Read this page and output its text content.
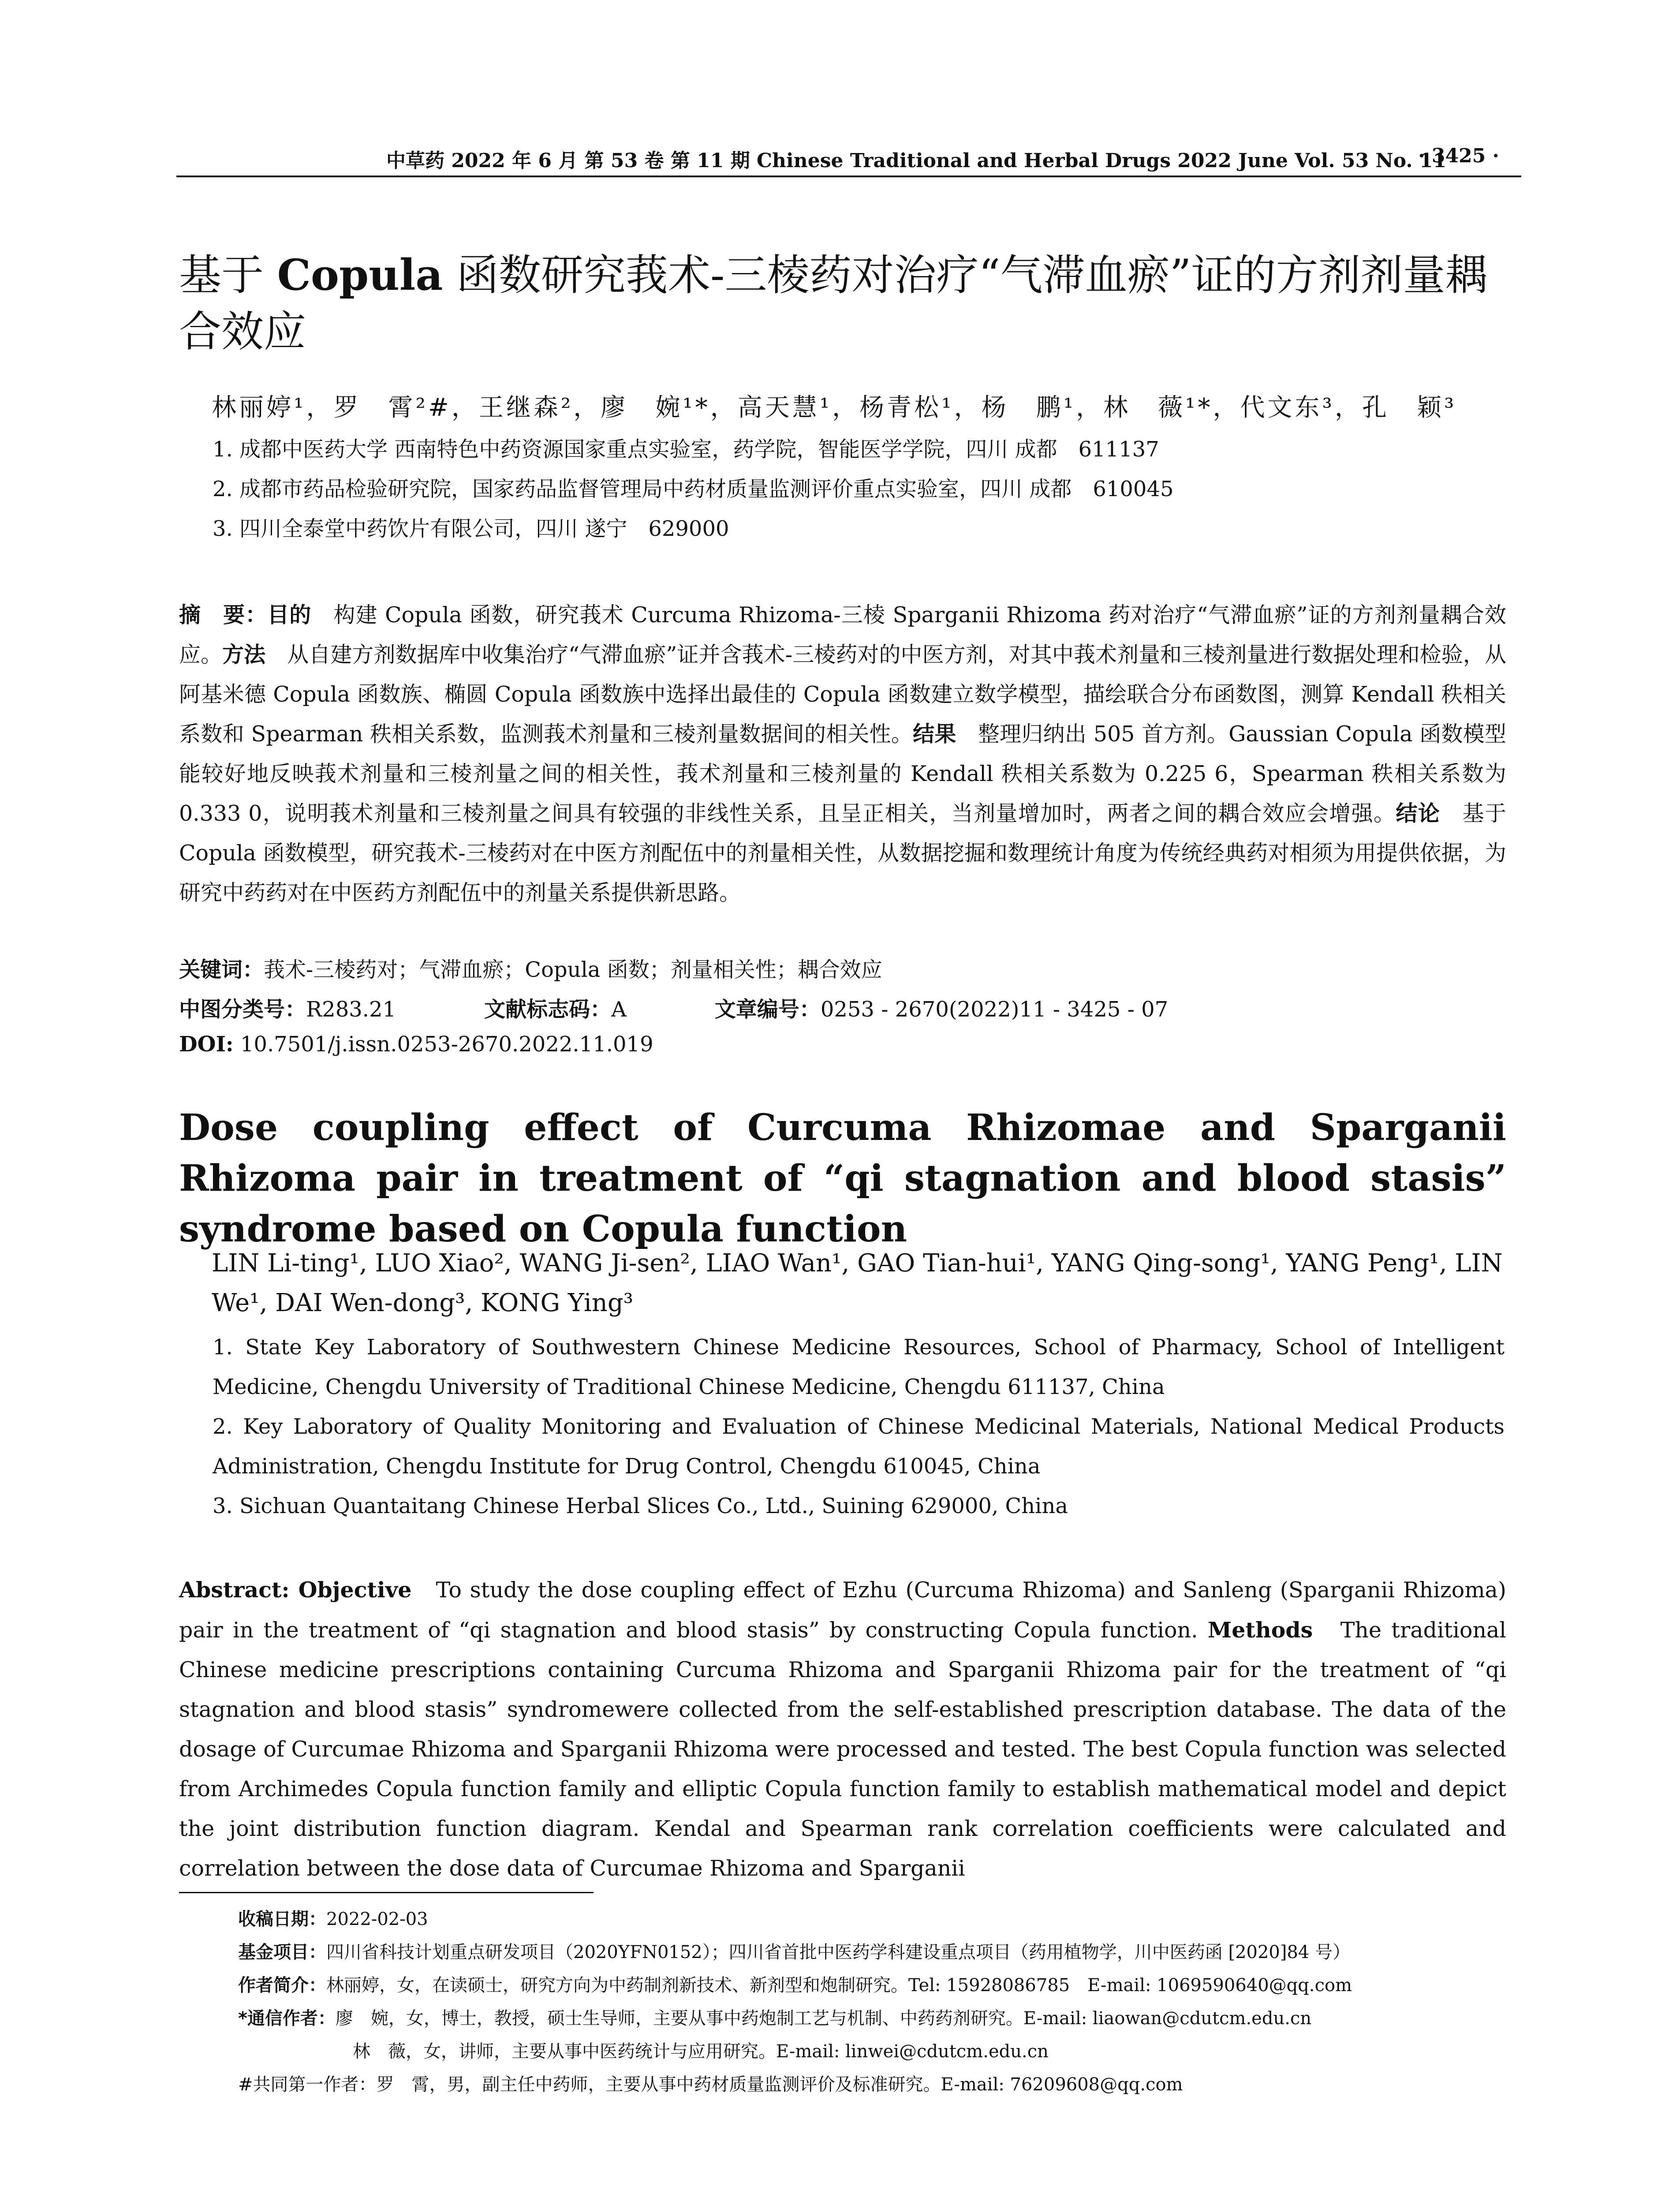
中草药 2022 年 6 月 第 53 卷 第 11 期 Chinese Traditional and Herbal Drugs 2022 June Vol. 53 No. 11
· 3425 ·
基于 Copula 函数研究莪术-三棱药对治疗“气滞血瘀”证的方剂剂量耦合效应
林丽婷¹，罗　霄²#，王继森²，廖　婉¹*，高天慧¹，杨青松¹，杨　鹏¹，林　薇¹*，代文东³，孔　颖³
1. 成都中医药大学 西南特色中药资源国家重点实验室，药学院，智能医学学院，四川 成都　611137
2. 成都市药品检验研究院，国家药品监督管理局中药材质量监测评价重点实验室，四川 成都　610045
3. 四川全泰堂中药饮片有限公司，四川 遂宁　629000
摘　要：目的　构建 Copula 函数，研究莪术 Curcuma Rhizoma-三棱 Sparganii Rhizoma 药对治疗“气滞血瘀”证的方剂剂量耦合效应。方法　从自建方剂数据库中收集治疗“气滞血瘀”证并含莪术-三棱药对的中医方剂，对其中莪术剂量和三棱剂量进行数据处理和检验，从阿基米德 Copula 函数族、椭圆 Copula 函数族中选择出最佳的 Copula 函数建立数学模型，描绘联合分布函数图，测算 Kendall 秩相关系数和 Spearman 秩相关系数，监测莪术剂量和三棱剂量数据间的相关性。结果　整理归纳出 505 首方剂。Gaussian Copula 函数模型能较好地反映莪术剂量和三棱剂量之间的相关性，莪术剂量和三棱剂量的 Kendall 秩相关系数为 0.225 6，Spearman 秩相关系数为 0.333 0，说明莪术剂量和三棱剂量之间具有较强的非线性关系，且呈正相关，当剂量增加时，两者之间的耦合效应会增强。结论　基于 Copula 函数模型，研究莪术-三棱药对在中医方剂配伍中的剂量相关性，从数据挖掘和数理统计角度为传统经典药对相须为用提供依据，为研究中药药对在中医药方剂配伍中的剂量关系提供新思路。
关键词：莪术-三棱药对；气滞血瘀；Copula 函数；剂量相关性；耦合效应
中图分类号：R283.21	文献标志码：A	文章编号：0253 - 2670(2022)11 - 3425 - 07
DOI: 10.7501/j.issn.0253-2670.2022.11.019
Dose coupling effect of Curcuma Rhizomae and Sparganii Rhizoma pair in treatment of “qi stagnation and blood stasis” syndrome based on Copula function
LIN Li-ting¹, LUO Xiao², WANG Ji-sen², LIAO Wan¹, GAO Tian-hui¹, YANG Qing-song¹, YANG Peng¹, LIN We¹, DAI Wen-dong³, KONG Ying³
1. State Key Laboratory of Southwestern Chinese Medicine Resources, School of Pharmacy, School of Intelligent Medicine, Chengdu University of Traditional Chinese Medicine, Chengdu 611137, China
2. Key Laboratory of Quality Monitoring and Evaluation of Chinese Medicinal Materials, National Medical Products Administration, Chengdu Institute for Drug Control, Chengdu 610045, China
3. Sichuan Quantaitang Chinese Herbal Slices Co., Ltd., Suining 629000, China
Abstract: Objective　To study the dose coupling effect of Ezhu (Curcuma Rhizoma) and Sanleng (Sparganii Rhizoma) pair in the treatment of “qi stagnation and blood stasis” by constructing Copula function. Methods　The traditional Chinese medicine prescriptions containing Curcuma Rhizoma and Sparganii Rhizoma pair for the treatment of “qi stagnation and blood stasis” syndromewere collected from the self-established prescription database. The data of the dosage of Curcumae Rhizoma and Sparganii Rhizoma were processed and tested. The best Copula function was selected from Archimedes Copula function family and elliptic Copula function family to establish mathematical model and depict the joint distribution function diagram. Kendal and Spearman rank correlation coefficients were calculated and correlation between the dose data of Curcumae Rhizoma and Sparganii
收稿日期：2022-02-03
基金项目：四川省科技计划重点研发项目（2020YFN0152）；四川省首批中医药学科建设重点项目（药用植物学，川中医药函 [2020]84 号）
作者简介：林丽婷，女，在读硕士，研究方向为中药制剂新技术、新剂型和炮制研究。Tel: 15928086785　E-mail: 1069590640@qq.com
*通信作者：廖　婉，女，博士，教授，硕士生导师，主要从事中药炮制工艺与机制、中药药剂研究。E-mail: liaowan@cdutcm.edu.cn
林　薇，女，讲师，主要从事中医药统计与应用研究。E-mail: linwei@cdutcm.edu.cn
#共同第一作者：罗　霄，男，副主任中药师，主要从事中药材质量监测评价及标准研究。E-mail: 76209608@qq.com
